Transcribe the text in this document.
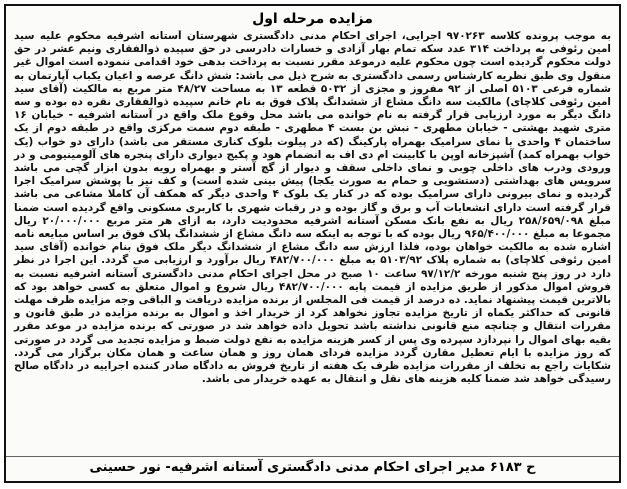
مزایده مرحله اول
به موجب پرونده کلاسه ۹۷۰۲۶۳ اجرایی، اجرای احکام مدنی دادگستری شهرستان آستانه اشرفیه محکوم علیه سید امین رئوفی به پرداخت ۳۱۴ عدد سکه تمام بهار آزادی و خسارات دادرسی در حق سپیده ذوالفقاری ونیم عشر در حق دولت محکوم گردیده است چون محکوم علیه درموعد مقرر نسبت به پرداخت بدهی خود اقدامی ننموده است اموال غیر منقول وی طبق نظریه کارشناس رسمی دادگستری به شرح ذیل می باشد: شش دانگ عرصه و اعیان یکباب آپارتمان به شماره فرعی ۵۱۰۳ اصلی از ۹۲ مفروز و مجزی از ۵۰۳۲ قطعه ۱۳ به مساحت ۴۸/۲۷ متر مربع به مالکیت (آقای سید امین رئوفی کلاچای) مالکیت سه دانگ مشاع از ششدانگ پلاک فوق به نام خانم سپیده ذوالفقاری نقره ده بوده و سه دانگ دیگر به مورد ارزیابی قرار گرفته به نام خوانده می باشد محل وقوع ملک واقع در آستانه اشرفیه - خیابان ۱۶ متری شهید بهشتی - خیابان مطهری - نبش بن بست ۴ مطهری - طبقه دوم سمت مرکزی واقع در طبقه دوم از یک ساختمان ۴ واحدی با نمای سرامیک بهمراه پارکینگ (که در پیلوت بلوک کناری مستقر می باشد) دارای دو خواب (یک خواب بهمراه کمد) آشپزخانه اوپن با کابینت ام دی اف به انضمام هود و پکیج دیواری دارای پنجره های آلومینیومی و در ورودی ودرب های داخلی چوبی و نمای داخلی سقف و دیوار از گچ آستر و بهمراه رویه بدون ابزار گچی می باشد سرویس های بهداشتی (دستشویی و حمام به صورت یکجا) پیش بینی شده است) و کف نیز با پوشش سرامیک اجرا گردیده و نمای بیرونی دارای سرامیک بوده که در کنار یک بلوک ۴ واحدی دیگر که همکف آن کاملا مشاعی می باشد قرار گرفته است دارای انشعابات آب و برق و گاز بوده و در رقبات شهری با کاربری مسکونی واقع گردیده است ضمنا مبلغ ۲۵۸/۶۵۹/۰۹۸ ریال به نفع بانک مسکن آستانه اشرفیه محدودیت دارد، به ازای هر متر مربع ۲۰/۰۰۰/۰۰۰ ریال مجموعا به مبلغ ۹۶۵/۴۰۰/۰۰۰ ریال بوده که با توجه به اینکه سه دانگ مشاع از ششدانگ پلاک فوق بر اساس مبایعه نامه اشاره شده به مالکیت خواهان بوده، فلذا ارزش سه دانگ مشاع از ششدانگ دیگر ملک فوق بنام خوانده (آقای سید امین رئوفی کلاچای) به شماره پلاک ۵۱۰۳/۹۲ به مبلغ ۴۸۲/۷۰۰/۰۰۰ ریال برآورد و ارزیابی می گردد. این اجرا در نظر دارد در روز پنج شنبه مورخه ۹۷/۱۲/۲ ساعت ۱۰ صبح در محل اجرای احکام مدنی دادگستری آستانه اشرفیه نسبت به فروش اموال مذکور از طریق مزایده از قیمت پایه ۴۸۲/۷۰۰/۰۰۰ ریال شروع و اموال متعلق به کسی خواهد بود که بالاترین قیمت پیشنهاد نماید. ده درصد از قیمت فی المجلس از برنده مزایده دریافت و الباقی وجه مزایده ظرف مهلت قانونی که حداکثر یکماه از تاریخ مزایده تجاوز نخواهد کرد از خریدار اخذ و اموال به برنده مزایده در طبق قانون و مقررات انتقال و چنانچه منع قانونی نداشته باشد تحویل داده خواهد شد در صورتی که برنده مزایده در موعد مقرر بقیه بهای اموال را نپردازد سپرده وی پس از کسر هزینه مزایده به نفع دولت ضبط و مزایده تجدید می گردد در صورتی که روز مزایده با ایام تعطیل مقارن گردد مزایده فردای همان روز و همان ساعت و همان مکان برگزار می گردد. شکایات راجع به تخلف از مقررات مزایده ظرف یک هفته از تاریخ فروش به دادگاه صادر کننده اجراییه در دادگاه صالح رسیدگی خواهد شد ضمنا کلیه هزینه های نقل و انتقال به عهده خریدار می باشد.
ح ۶۱۸۳ مدیر اجرای احکام مدنی دادگستری آستانه اشرفیه- نور حسینی
